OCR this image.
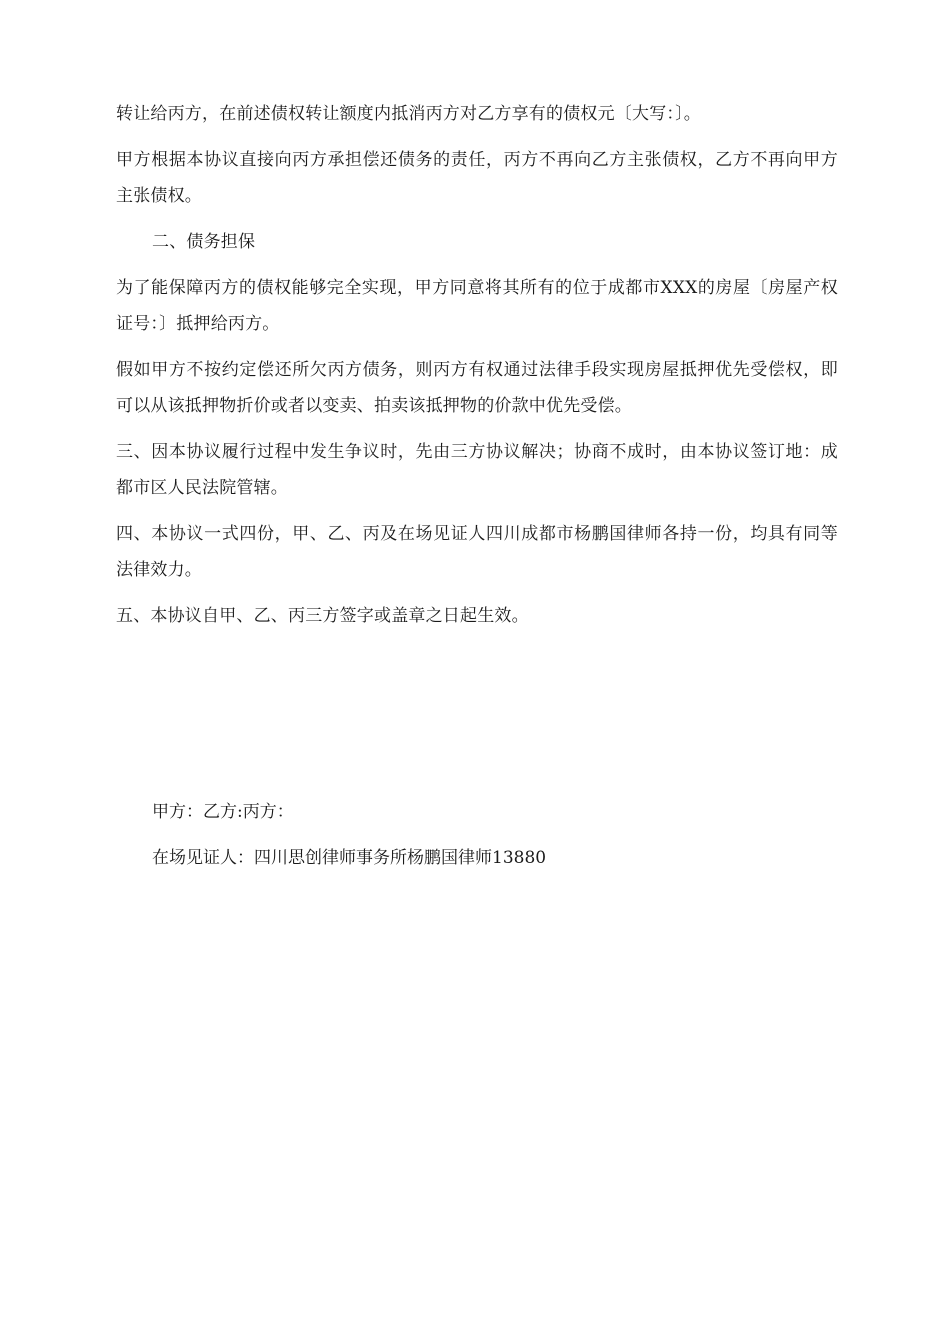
转让给丙方，在前述债权转让额度内抵消丙方对乙方享有的债权元〔大写：〕。

甲方根据本协议直接向丙方承担偿还债务的责任，丙方不再向乙方主张债权，乙方不再向甲方主张债权。

二、债务担保

为了能保障丙方的债权能够完全实现，甲方同意将其所有的位于成都市XXX的房屋〔房屋产权证号：〕抵押给丙方。

假如甲方不按约定偿还所欠丙方债务，则丙方有权通过法律手段实现房屋抵押优先受偿权，即可以从该抵押物折价或者以变卖、拍卖该抵押物的价款中优先受偿。

三、因本协议履行过程中发生争议时，先由三方协议解决；协商不成时，由本协议签订地：成都市区人民法院管辖。

四、本协议一式四份，甲、乙、丙及在场见证人四川成都市杨鹏国律师各持一份，均具有同等法律效力。

五、本协议自甲、乙、丙三方签字或盖章之日起生效。

甲方：乙方:丙方：

在场见证人：四川思创律师事务所杨鹏国律师13880
